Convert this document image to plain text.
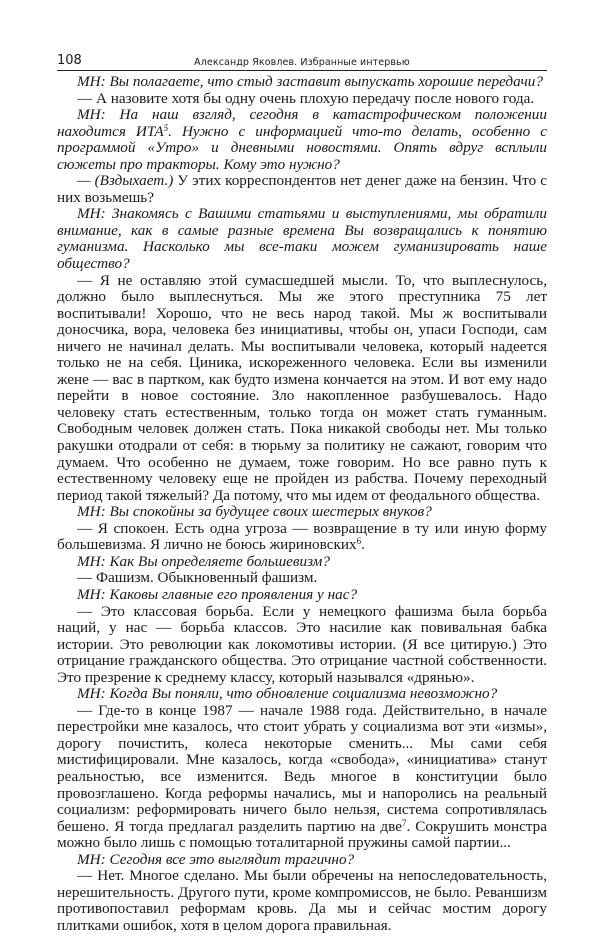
108	Александр Яковлев. Избранные интервью

МН: Вы полагаете, что стыд заставит выпускать хорошие передачи?

— А назовите хотя бы одну очень плохую передачу после нового года.

МН: На наш взгляд, сегодня в катастрофическом положении находится ИТА$^5$. Нужно с информацией что-то делать, особенно с программой «Утро» и дневными новостями. Опять вдруг всплыли сюжеты про тракторы. Кому это нужно?

— (Вздыхает.) У этих корреспондентов нет денег даже на бензин. Что с них возьмешь?

МН: Знакомясь с Вашими статьями и выступлениями, мы обратили внимание, как в самые разные времена Вы возвращались к понятию гуманизма. Насколько мы все-таки можем гуманизировать наше общество?

— Я не оставляю этой сумасшедшей мысли. То, что выплеснулось, должно было выплеснуться. Мы же этого преступника 75 лет воспитывали! Хорошо, что не весь народ такой. Мы ж воспитывали доносчика, вора, человека без инициативы, чтобы он, упаси Господи, сам ничего не начинал делать. Мы воспитывали человека, который надеется только не на себя. Циника, искореженного человека. Если вы изменили жене — вас в партком, как будто измена кончается на этом. И вот ему надо перейти в новое состояние. Зло накопленное разбушевалось. Надо человеку стать естественным, только тогда он может стать гуманным. Свободным человек должен стать. Пока никакой свободы нет. Мы только ракушки отодрали от себя: в тюрьму за политику не сажают, говорим что думаем. Что особенно не думаем, тоже говорим. Но все равно путь к естественному человеку еще не пройден из рабства. Почему переходный период такой тяжелый? Да потому, что мы идем от феодального общества.

МН: Вы спокойны за будущее своих шестерых внуков?

— Я спокоен. Есть одна угроза — возвращение в ту или иную форму большевизма. Я лично не боюсь жириновских$^6$.

МН: Как Вы определяете большевизм?

— Фашизм. Обыкновенный фашизм.

МН: Каковы главные его проявления у нас?

— Это классовая борьба. Если у немецкого фашизма была борьба наций, у нас — борьба классов. Это насилие как повивальная бабка истории. Это революции как локомотивы истории. (Я все цитирую.) Это отрицание гражданского общества. Это отрицание частной собственности. Это презрение к среднему классу, который назывался «дрянью».

МН: Когда Вы поняли, что обновление социализма невозможно?

— Где-то в конце 1987 — начале 1988 года. Действительно, в начале перестройки мне казалось, что стоит убрать у социализма вот эти «измы», дорогу почистить, колеса некоторые сменить... Мы сами себя мистифицировали. Мне казалось, когда «свобода», «инициатива» станут реальностью, все изменится. Ведь многое в конституции было провозглашено. Когда реформы начались, мы и напоролись на реальный социализм: реформировать ничего было нельзя, система сопротивлялась бешено. Я тогда предлагал разделить партию на две$^7$. Сокрушить монстра можно было лишь с помощью тоталитарной пружины самой партии...

МН: Сегодня все это выглядит трагично?

— Нет. Многое сделано. Мы были обречены на непоследовательность, нерешительность. Другого пути, кроме компромиссов, не было. Реваншизм противопоставил реформам кровь. Да мы и сейчас мостим дорогу плитками ошибок, хотя в целом дорога правильная.
